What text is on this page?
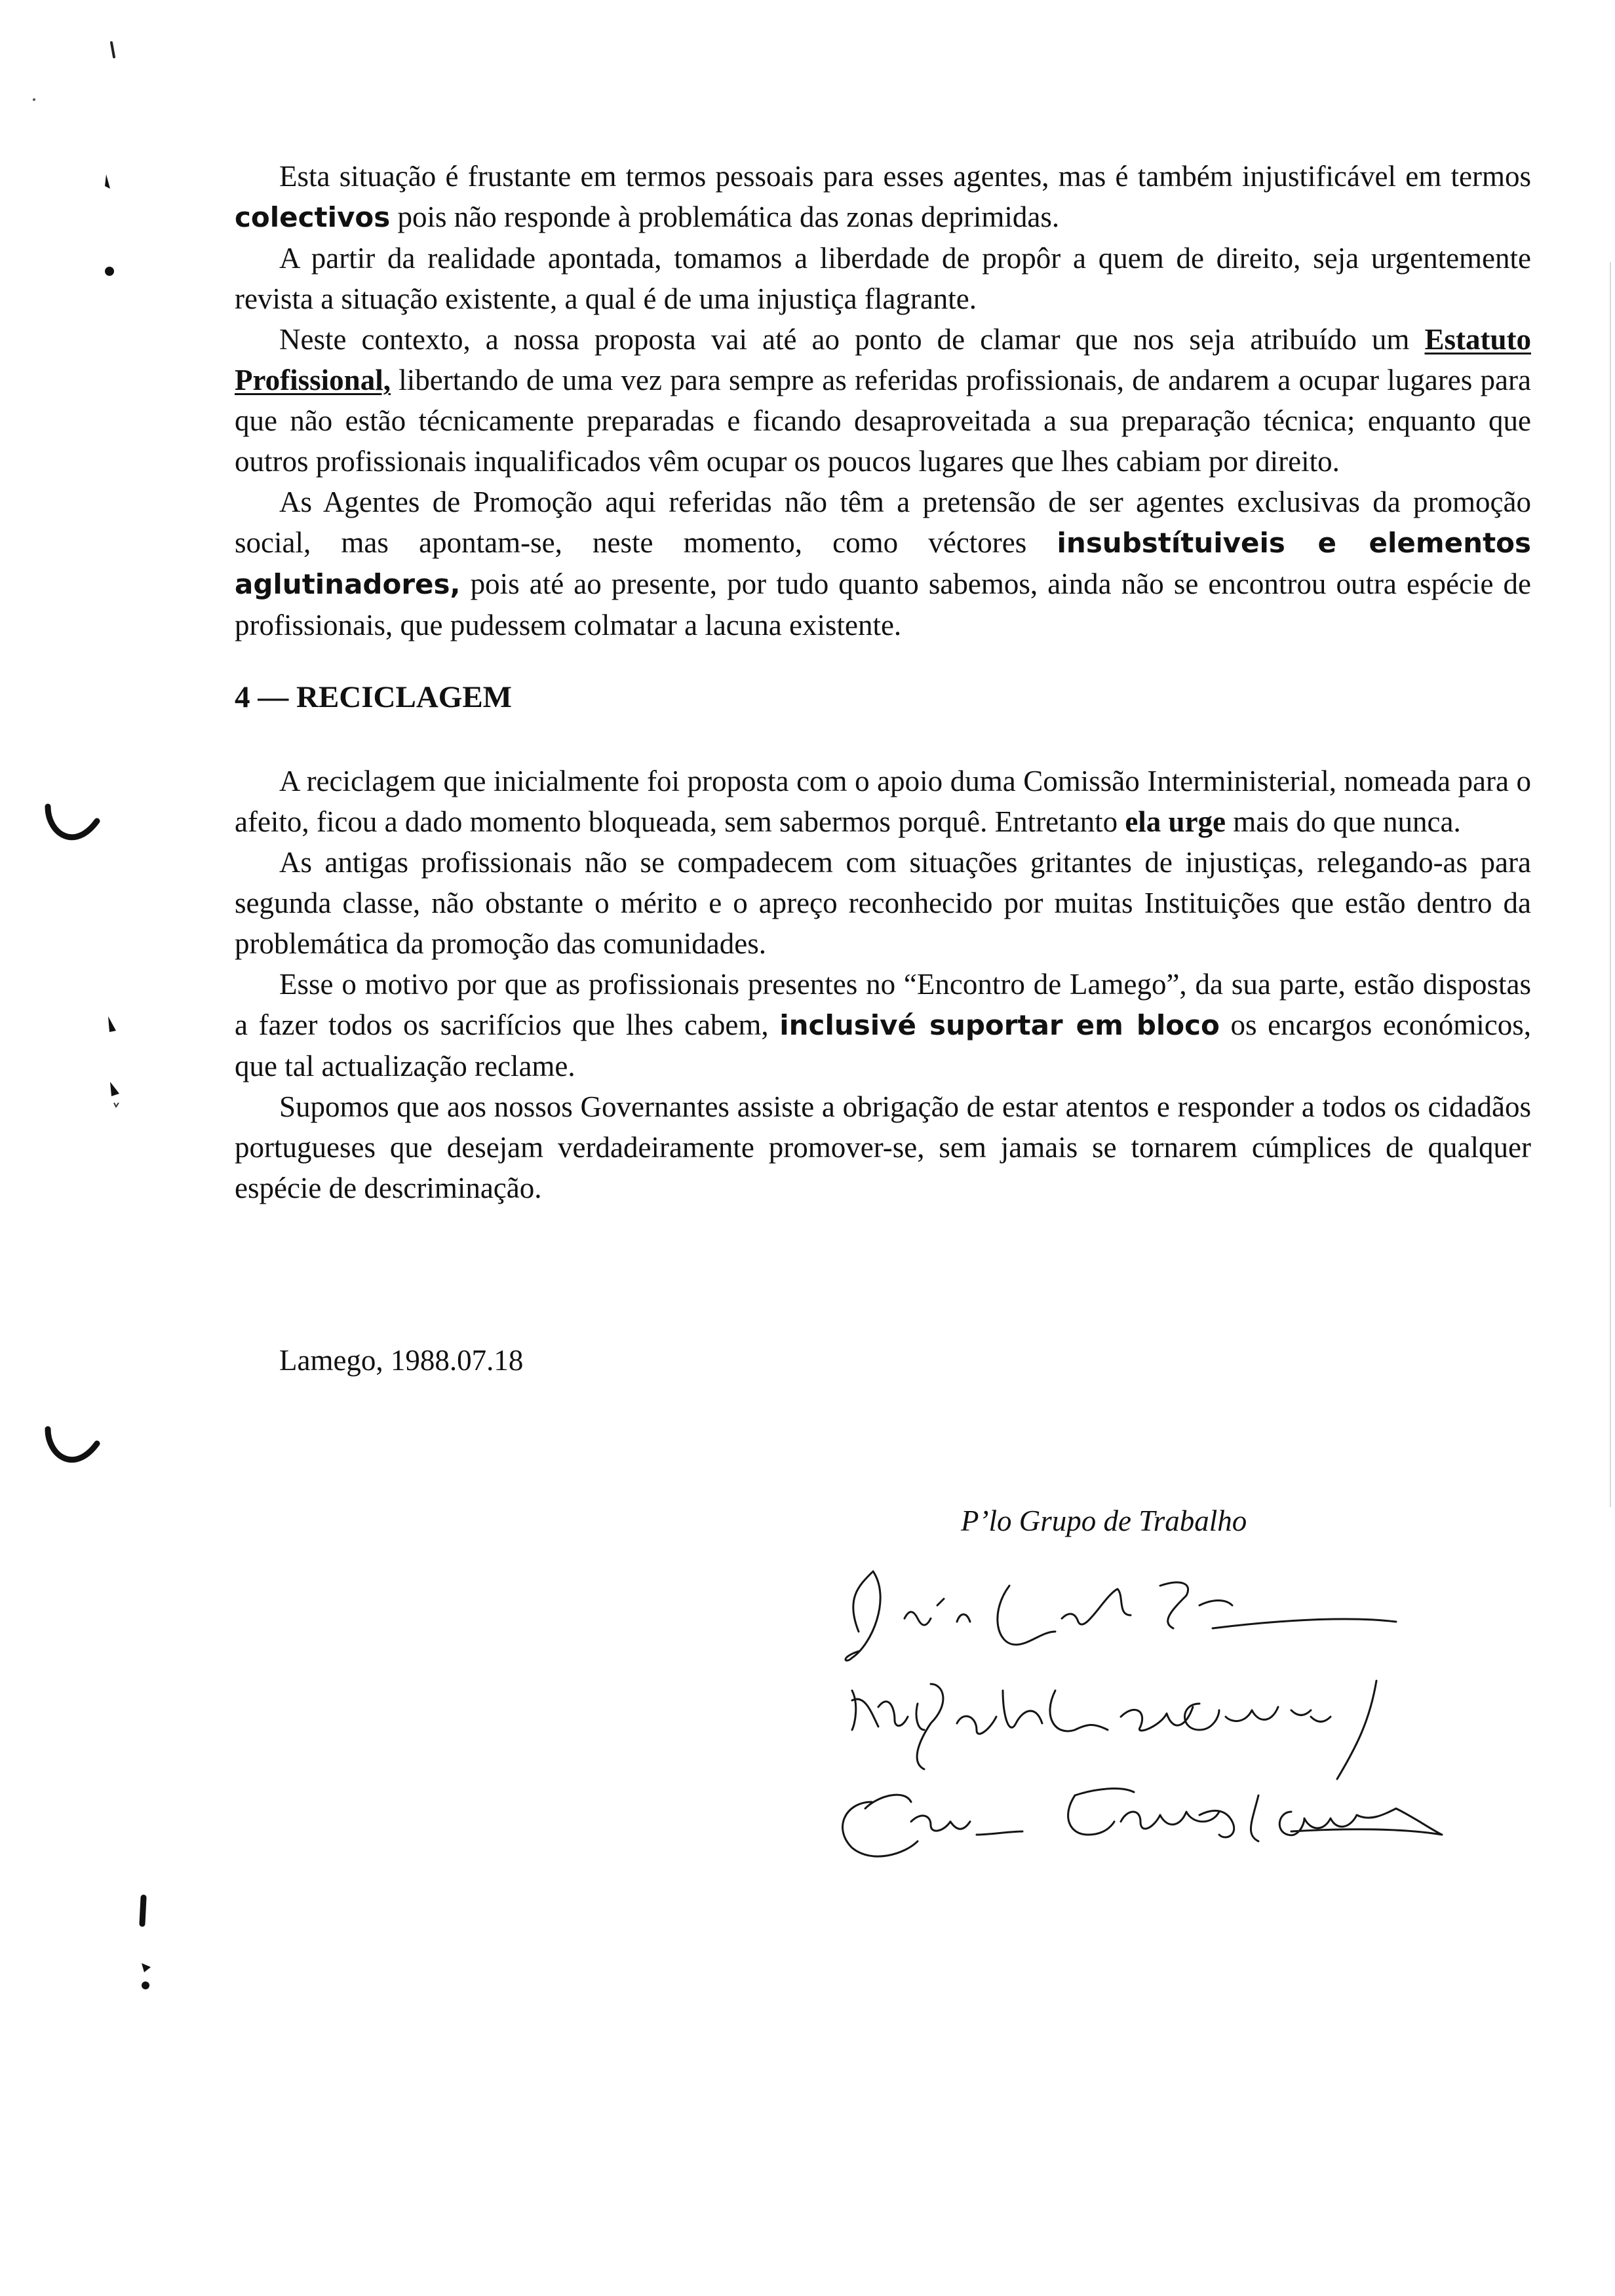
Esta situação é frustante em termos pessoais para esses agentes, mas é também injustificável em termos colectivos pois não responde à problemática das zonas deprimidas.

A partir da realidade apontada, tomamos a liberdade de propôr a quem de direito, seja urgentemente revista a situação existente, a qual é de uma injustiça flagrante.

Neste contexto, a nossa proposta vai até ao ponto de clamar que nos seja atribuído um Estatuto Profissional, libertando de uma vez para sempre as referidas profissionais, de andarem a ocupar lugares para que não estão técnicamente preparadas e ficando desaproveitada a sua preparação técnica; enquanto que outros profissionais inqualificados vêm ocupar os poucos lugares que lhes cabiam por direito.

As Agentes de Promoção aqui referidas não têm a pretensão de ser agentes exclusivas da promoção social, mas apontam-se, neste momento, como véctores insubstítuiveis e elementos aglutinadores, pois até ao presente, por tudo quanto sabemos, ainda não se encontrou outra espécie de profissionais, que pudessem colmatar a lacuna existente.

4 — RECICLAGEM

A reciclagem que inicialmente foi proposta com o apoio duma Comissão Interministerial, nomeada para o afeito, ficou a dado momento bloqueada, sem sabermos porquê. Entretanto ela urge mais do que nunca.

As antigas profissionais não se compadecem com situações gritantes de injustiças, relegando-as para segunda classe, não obstante o mérito e o apreço reconhecido por muitas Instituições que estão dentro da problemática da promoção das comunidades.

Esse o motivo por que as profissionais presentes no “Encontro de Lamego”, da sua parte, estão dispostas a fazer todos os sacrifícios que lhes cabem, inclusivé suportar em bloco os encargos económicos, que tal actualização reclame.

Supomos que aos nossos Governantes assiste a obrigação de estar atentos e responder a todos os cidadãos portugueses que desejam verdadeiramente promover-se, sem jamais se tornarem cúmplices de qualquer espécie de descriminação.

Lamego, 1988.07.18

P’lo Grupo de Trabalho
